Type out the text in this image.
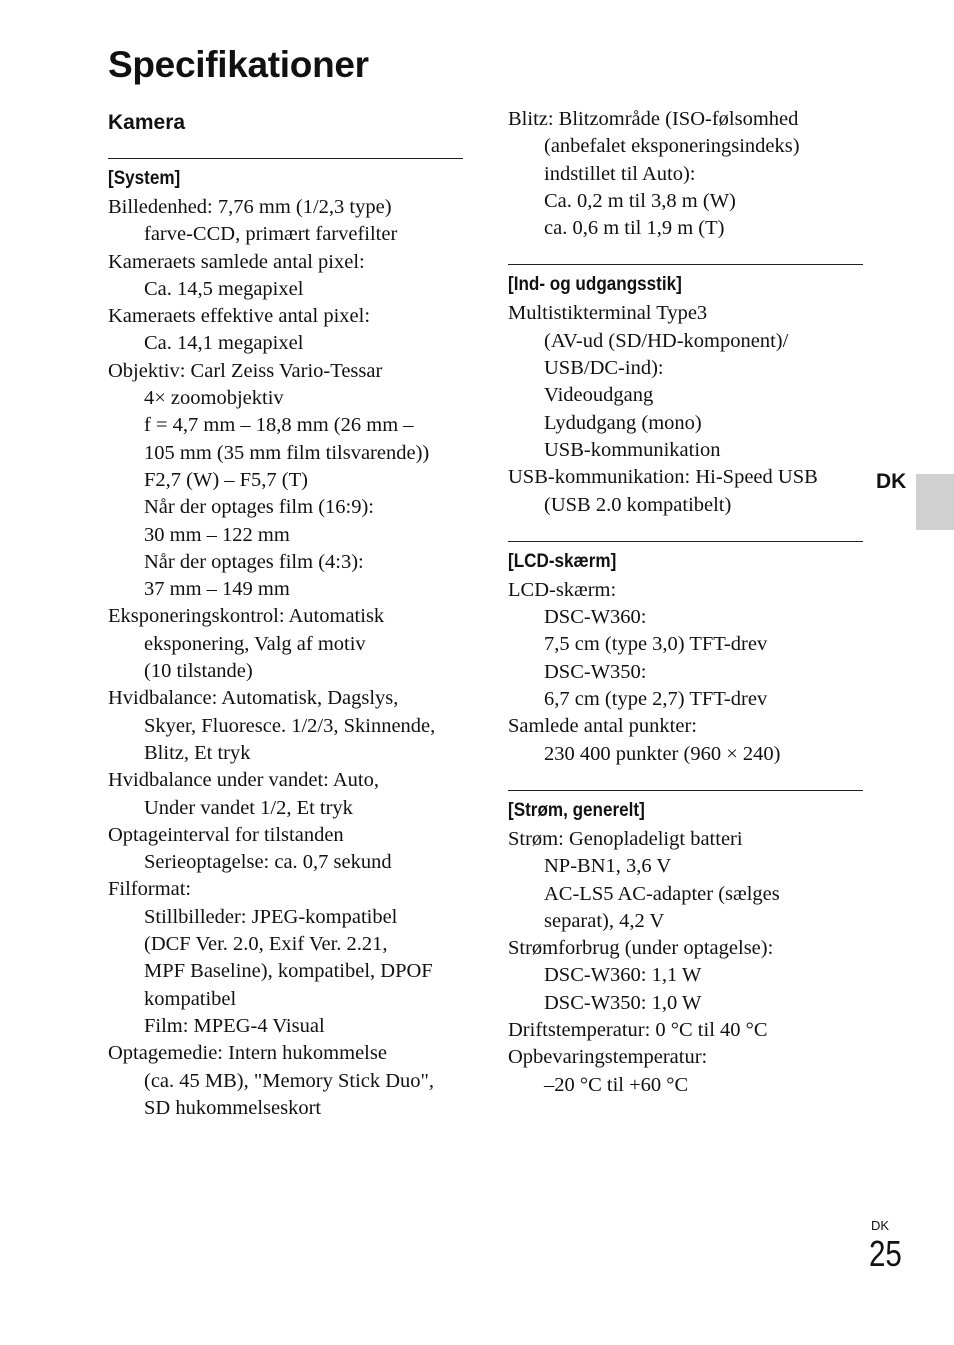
Specifikationer
Kamera
[System]
Billedenhed: 7,76 mm (1/2,3 type)
farve-CCD, primært farvefilter
Kameraets samlede antal pixel:
Ca. 14,5 megapixel
Kameraets effektive antal pixel:
Ca. 14,1 megapixel
Objektiv: Carl Zeiss Vario-Tessar
4× zoomobjektiv
f = 4,7 mm – 18,8 mm (26 mm –
105 mm (35 mm film tilsvarende))
F2,7 (W) – F5,7 (T)
Når der optages film (16:9):
30 mm – 122 mm
Når der optages film (4:3):
37 mm – 149 mm
Eksponeringskontrol: Automatisk
eksponering, Valg af motiv
(10 tilstande)
Hvidbalance: Automatisk, Dagslys,
Skyer, Fluoresce. 1/2/3, Skinnende,
Blitz, Et tryk
Hvidbalance under vandet: Auto,
Under vandet 1/2, Et tryk
Optageinterval for tilstanden
Serieoptagelse: ca. 0,7 sekund
Filformat:
Stillbilleder: JPEG-kompatibel
(DCF Ver. 2.0, Exif Ver. 2.21,
MPF Baseline), kompatibel, DPOF
kompatibel
Film: MPEG-4 Visual
Optagemedie: Intern hukommelse
(ca. 45 MB), "Memory Stick Duo",
SD hukommelseskort
Blitz: Blitzområde (ISO-følsomhed
(anbefalet eksponeringsindeks)
indstillet til Auto):
Ca. 0,2 m til 3,8 m (W)
ca. 0,6 m til 1,9 m (T)
[Ind- og udgangsstik]
Multistikterminal Type3
(AV-ud (SD/HD-komponent)/
USB/DC-ind):
Videoudgang
Lydudgang (mono)
USB-kommunikation
USB-kommunikation: Hi-Speed USB
(USB 2.0 kompatibelt)
[LCD-skærm]
LCD-skærm:
DSC-W360:
7,5 cm (type 3,0) TFT-drev
DSC-W350:
6,7 cm (type 2,7) TFT-drev
Samlede antal punkter:
230 400 punkter (960 × 240)
[Strøm, generelt]
Strøm: Genopladeligt batteri
NP-BN1, 3,6 V
AC-LS5 AC-adapter (sælges
separat), 4,2 V
Strømforbrug (under optagelse):
DSC-W360: 1,1 W
DSC-W350: 1,0 W
Driftstemperatur: 0 °C til 40 °C
Opbevaringstemperatur:
–20 °C til +60 °C
DK
DK
25
